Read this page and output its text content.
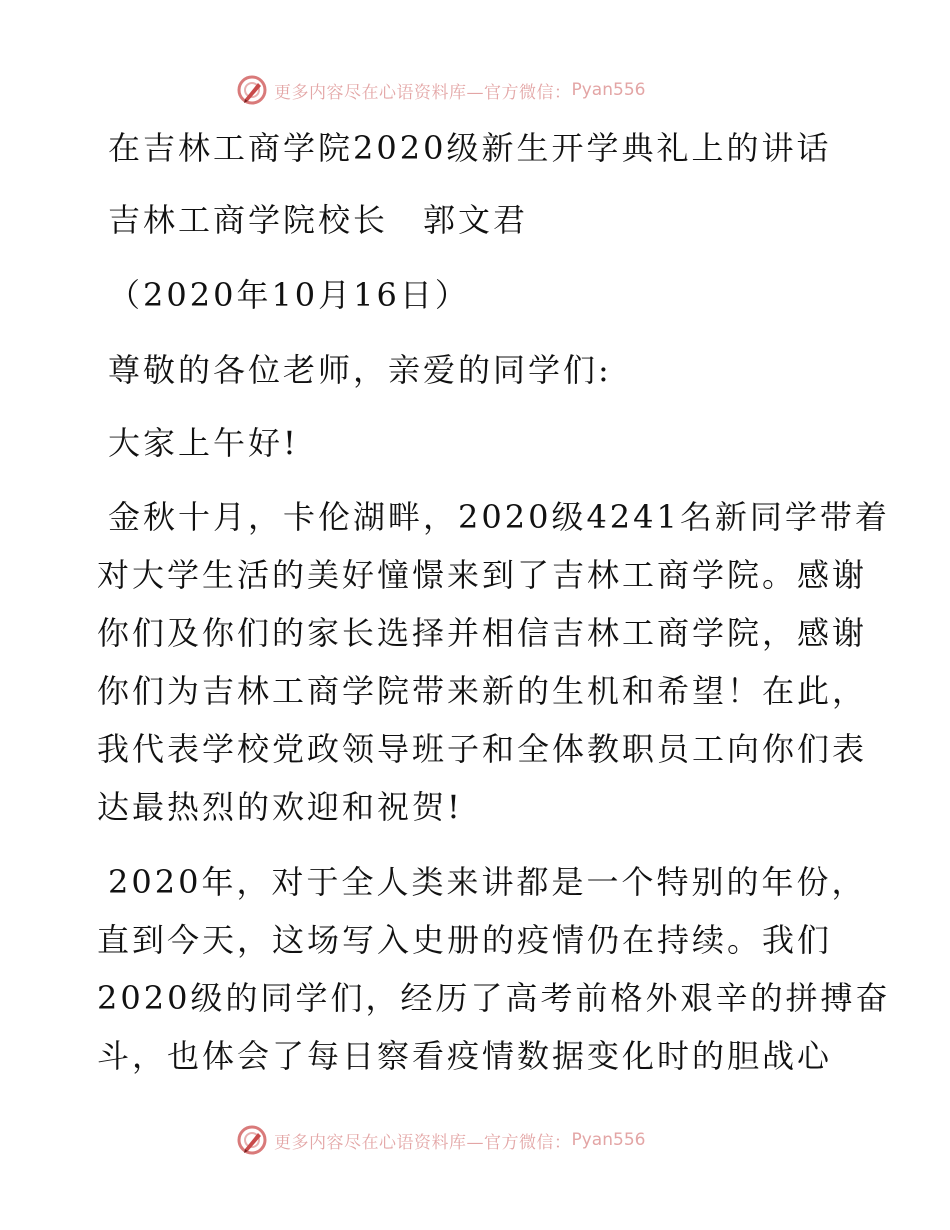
更多内容尽在心语资料库—官方微信： Pyan556
在吉林工商学院2020级新生开学典礼上的讲话
吉林工商学院校长　郭文君
（2020年10月16日）
尊敬的各位老师，亲爱的同学们:
大家上午好!
金秋十月，卡伦湖畔，2020级4241名新同学带着
对大学生活的美好憧憬来到了吉林工商学院。感谢
你们及你们的家长选择并相信吉林工商学院，感谢
你们为吉林工商学院带来新的生机和希望！在此，
我代表学校党政领导班子和全体教职员工向你们表
达最热烈的欢迎和祝贺!
2020年，对于全人类来讲都是一个特别的年份，
直到今天，这场写入史册的疫情仍在持续。我们
2020级的同学们，经历了高考前格外艰辛的拼搏奋
斗，也体会了每日察看疫情数据变化时的胆战心
更多内容尽在心语资料库—官方微信： Pyan556
